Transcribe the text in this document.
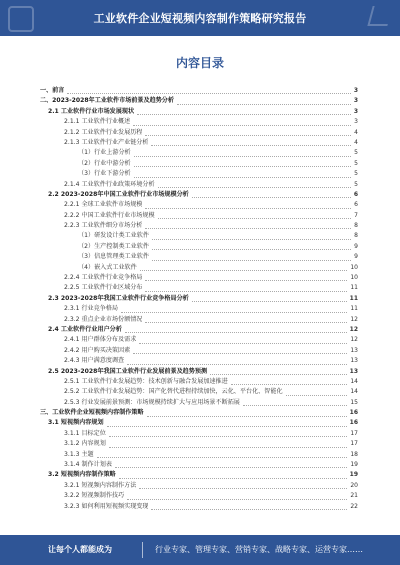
工业软件企业短视频内容制作策略研究报告
内容目录
一、前言	3
二、2023-2028年工业软件市场前景及趋势分析	3
2.1 工业软件行业市场发展现状	3
2.1.1 工业软件行业概述	3
2.1.2 工业软件行业发展历程	4
2.1.3 工业软件行业产业链分析	4
（1）行业上游分析	5
（2）行业中游分析	5
（3）行业下游分析	5
2.1.4 工业软件行业政策环境分析	5
2.2 2023-2028年中国工业软件行业市场规模分析	6
2.2.1 全球工业软件市场规模	6
2.2.2 中国工业软件行业市场规模	7
2.2.3 工业软件细分市场分析	8
（1）研发设计类工业软件	8
（2）生产控制类工业软件	9
（3）信息管理类工业软件	9
（4）嵌入式工业软件	10
2.2.4 工业软件行业竞争格局	10
2.2.5 工业软件行业区域分布	11
2.3 2023-2028年我国工业软件行业竞争格局分析	11
2.3.1 行业竞争格局	11
2.3.2 重点企业市场份额情况	12
2.4 工业软件行业用户分析	12
2.4.1 用户群体分布及需求	12
2.4.2 用户购买决策因素	13
2.4.3 用户满意度调查	13
2.5 2023-2028年我国工业软件行业发展前景及趋势预测	13
2.5.1 工业软件行业发展趋势：技术创新与融合发展加速推进	14
2.5.2 工业软件行业发展趋势：国产化替代进程持续加快，云化、平台化、智能化	14
2.5.3 行业发展前景预测：市场规模持续扩大与应用场景不断拓展	15
三、工业软件企业短视频内容制作策略	16
3.1 短视频内容规划	16
3.1.1 目标定位	17
3.1.2 内容规划	17
3.1.3 主题	18
3.1.4 制作计划表	19
3.2 短视频内容制作策略	19
3.2.1 短视频内容制作方法	20
3.2.2 短视频制作技巧	21
3.2.3 如何利用短视频实现变现	22
让每个人都能成为	行业专家、管理专家、营销专家、战略专家、运营专家……
